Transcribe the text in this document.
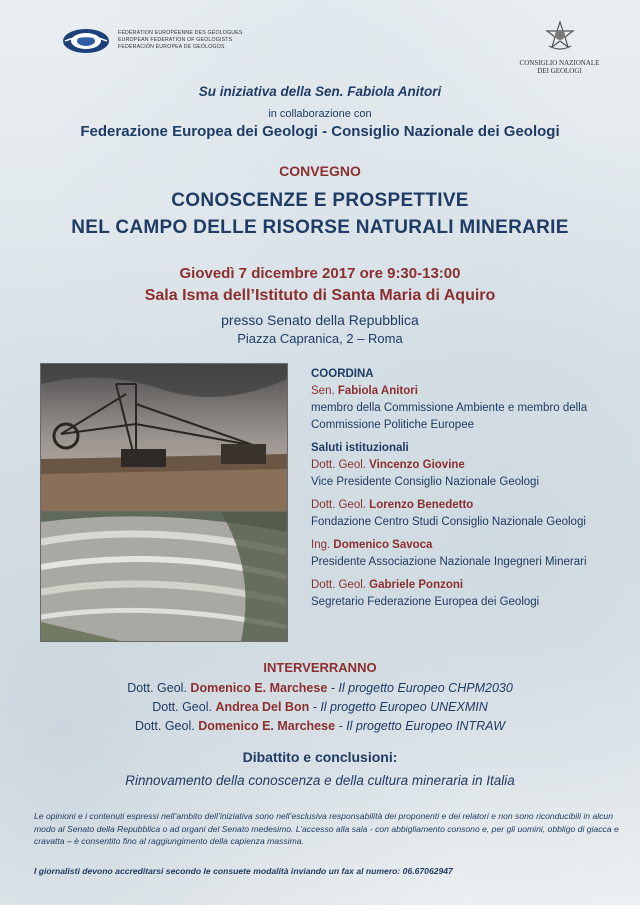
FÉDÉRATION EUROPÉENNE DES GÉOLOGUES
EUROPEAN FEDERATION OF GEOLOGISTS
FEDERACIÓN EUROPEA DE GEÓLOGOS
CONSIGLIO NAZIONALE
DEI GEOLOGI
Su iniziativa della Sen. Fabiola Anitori
in collaborazione con
Federazione Europea dei Geologi - Consiglio Nazionale dei Geologi
CONVEGNO
CONOSCENZE E PROSPETTIVE
NEL CAMPO DELLE RISORSE NATURALI MINERARIE
Giovedì 7 dicembre 2017 ore 9:30-13:00
Sala Isma dell’Istituto di Santa Maria di Aquiro
presso Senato della Repubblica
Piazza Capranica, 2 – Roma
COORDINA
Sen. Fabiola Anitori
membro della Commissione Ambiente e membro della
Commissione Politiche Europee
Saluti istituzionali
Dott. Geol. Vincenzo Giovine
Vice Presidente Consiglio Nazionale Geologi
Dott. Geol. Lorenzo Benedetto
Fondazione Centro Studi Consiglio Nazionale Geologi
Ing. Domenico Savoca
Presidente Associazione Nazionale Ingegneri Minerari
Dott. Geol. Gabriele Ponzoni
Segretario Federazione Europea dei Geologi
INTERVERRANNO
Dott. Geol. Domenico E. Marchese - Il progetto Europeo CHPM2030
Dott. Geol. Andrea Del Bon - Il progetto Europeo UNEXMIN
Dott. Geol. Domenico E. Marchese - Il progetto Europeo INTRAW
Dibattito e conclusioni:
Rinnovamento della conoscenza e della cultura mineraria in Italia
Le opinioni e i contenuti espressi nell’ambito dell’iniziativa sono nell’esclusiva responsabilità dei proponenti e dei relatori e non sono riconducibili in alcun modo al Senato della Repubblica o ad organi del Senato medesimo. L’accesso alla sala - con abbigliamento consono e, per gli uomini, obbligo di giacca e cravatta – è consentito fino al raggiungimento della capienza massima.
I giornalisti devono accreditarsi secondo le consuete modalità inviando un fax al numero: 06.67062947
